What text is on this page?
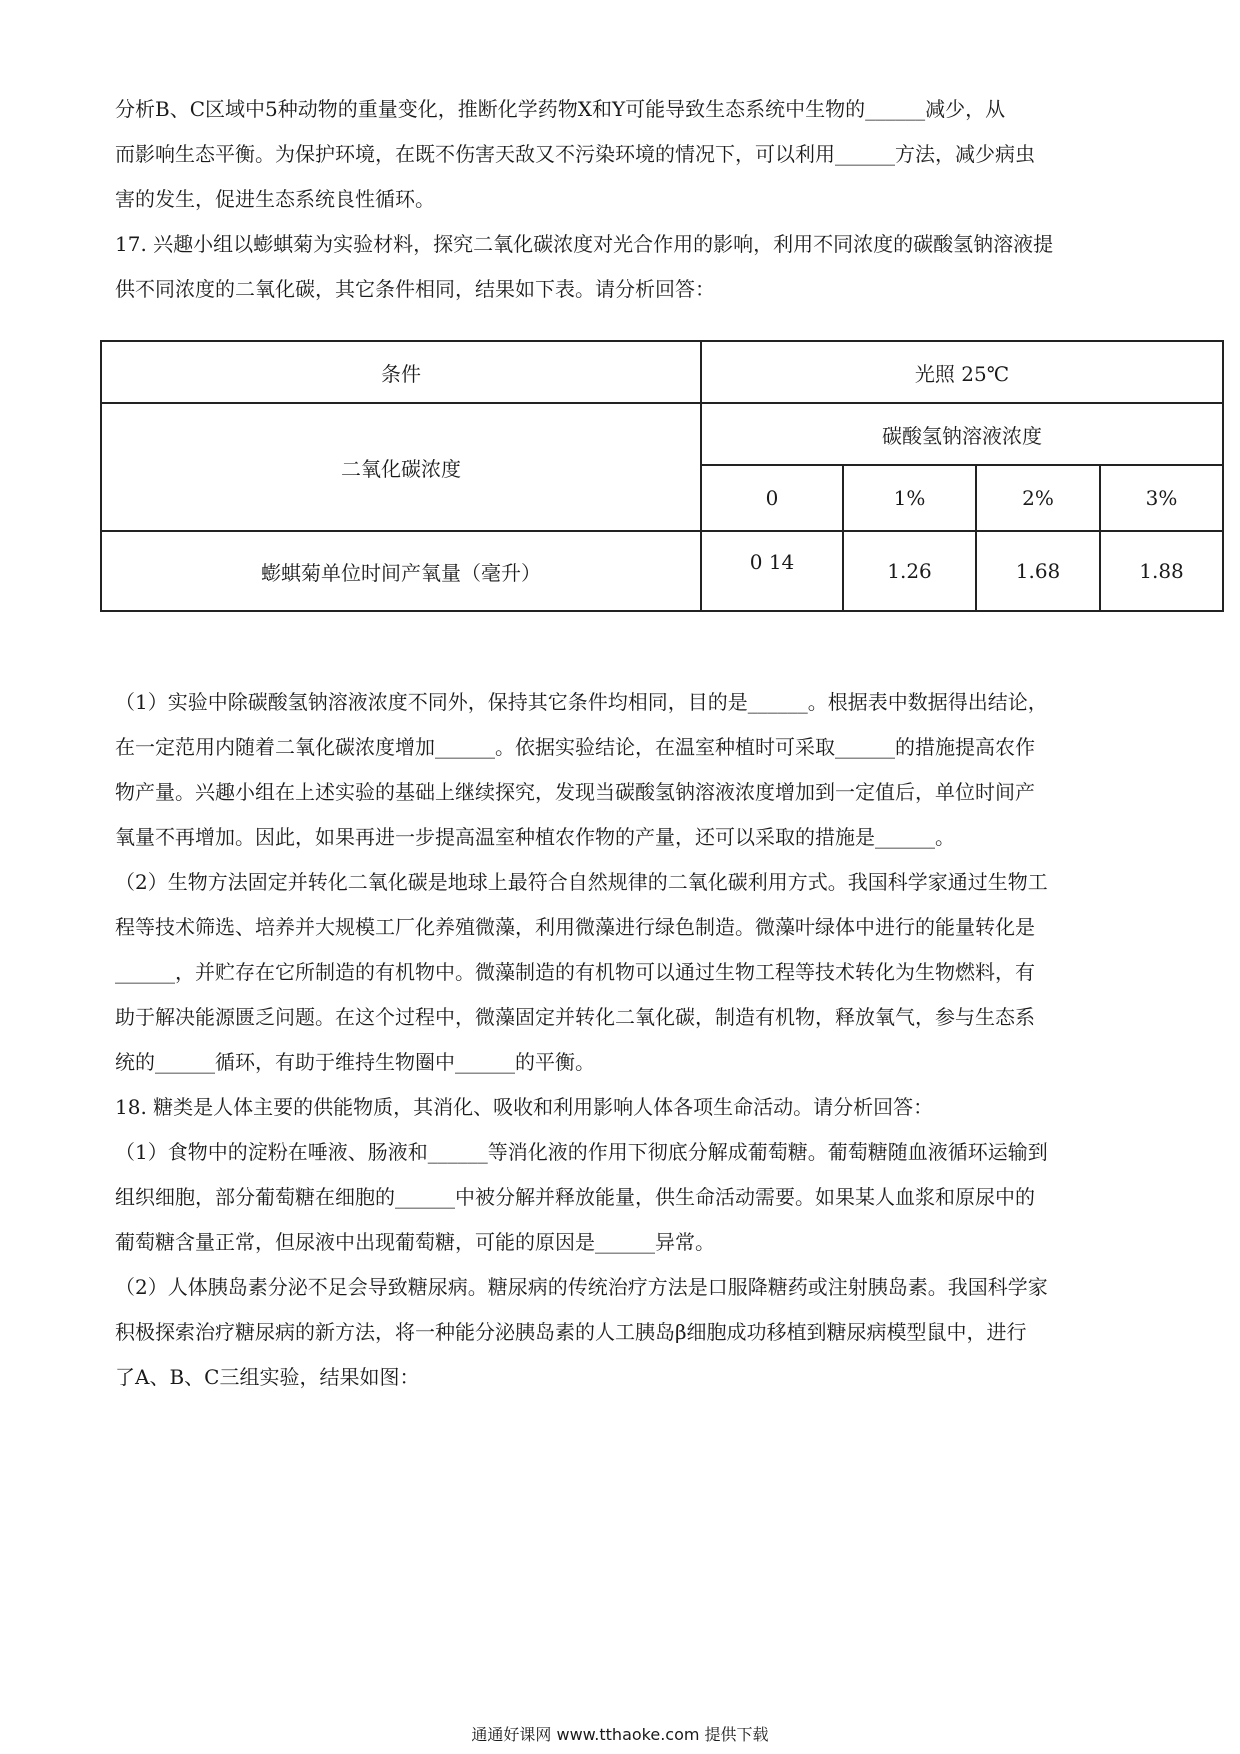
分析B、C区域中5种动物的重量变化，推断化学药物X和Y可能导致生态系统中生物的______减少，从
而影响生态平衡。为保护环境，在既不伤害天敌又不污染环境的情况下，可以利用______方法，减少病虫
害的发生，促进生态系统良性循环。
17. 兴趣小组以蟛蜞菊为实验材料，探究二氧化碳浓度对光合作用的影响，利用不同浓度的碳酸氢钠溶液提
供不同浓度的二氧化碳，其它条件相同，结果如下表。请分析回答：
条件	光照 25℃			
二氧化碳浓度	碳酸氢钠溶液浓度			
	0	1%	2%	3%
蟛蜞菊单位时间产氧量（毫升）	0 14	1.26	1.68	1.88
（1）实验中除碳酸氢钠溶液浓度不同外，保持其它条件均相同，目的是______。根据表中数据得出结论，
在一定范用内随着二氧化碳浓度增加______。依据实验结论，在温室种植时可采取______的措施提高农作
物产量。兴趣小组在上述实验的基础上继续探究，发现当碳酸氢钠溶液浓度增加到一定值后，单位时间产
氧量不再增加。因此，如果再进一步提高温室种植农作物的产量，还可以采取的措施是______。
（2）生物方法固定并转化二氧化碳是地球上最符合自然规律的二氧化碳利用方式。我国科学家通过生物工
程等技术筛选、培养并大规模工厂化养殖微藻，利用微藻进行绿色制造。微藻叶绿体中进行的能量转化是
______，并贮存在它所制造的有机物中。微藻制造的有机物可以通过生物工程等技术转化为生物燃料，有
助于解决能源匮乏问题。在这个过程中，微藻固定并转化二氧化碳，制造有机物，释放氧气，参与生态系
统的______循环，有助于维持生物圈中______的平衡。
18. 糖类是人体主要的供能物质，其消化、吸收和利用影响人体各项生命活动。请分析回答：
（1）食物中的淀粉在唾液、肠液和______等消化液的作用下彻底分解成葡萄糖。葡萄糖随血液循环运输到
组织细胞，部分葡萄糖在细胞的______中被分解并释放能量，供生命活动需要。如果某人血浆和原尿中的
葡萄糖含量正常，但尿液中出现葡萄糖，可能的原因是______异常。
（2）人体胰岛素分泌不足会导致糖尿病。糖尿病的传统治疗方法是口服降糖药或注射胰岛素。我国科学家
积极探索治疗糖尿病的新方法，将一种能分泌胰岛素的人工胰岛β细胞成功移植到糖尿病模型鼠中，进行
了A、B、C三组实验，结果如图：
通通好课网 www.tthaoke.com 提供下载
